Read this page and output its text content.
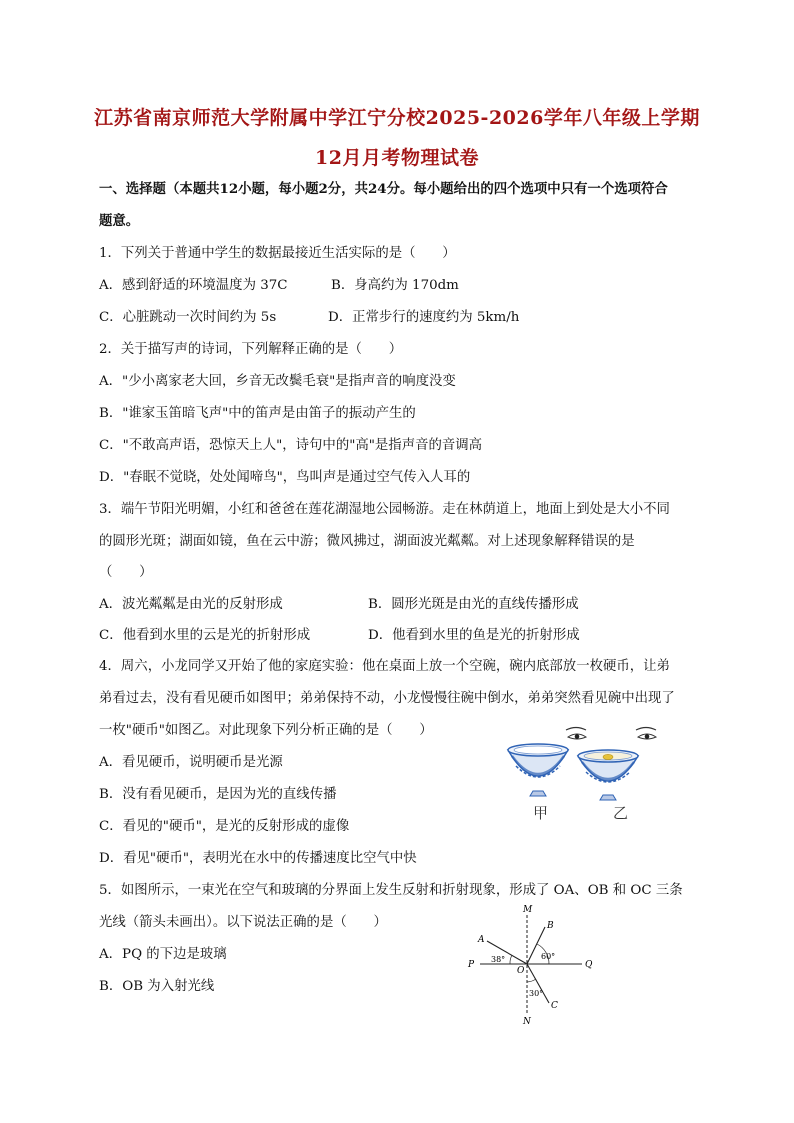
江苏省南京师范大学附属中学江宁分校2025-2026学年八年级上学期
12月月考物理试卷
一、选择题（本题共12小题，每小题2分，共24分。每小题给出的四个选项中只有一个选项符合
题意。
1．下列关于普通中学生的数据最接近生活实际的是（　　）
A．感到舒适的环境温度为 37C	B．身高约为 170dm
C．心脏跳动一次时间约为 5s	D．正常步行的速度约为 5km/h
2．关于描写声的诗词，下列解释正确的是（　　）
A．"少小离家老大回，乡音无改鬓毛衰"是指声音的响度没变
B．"谁家玉笛暗飞声"中的笛声是由笛子的振动产生的
C．"不敢高声语，恐惊天上人"，诗句中的"高"是指声音的音调高
D．"春眠不觉晓，处处闻啼鸟"，鸟叫声是通过空气传入人耳的
3．端午节阳光明媚，小红和爸爸在莲花湖湿地公园畅游。走在林荫道上，地面上到处是大小不同
的圆形光斑；湖面如镜，鱼在云中游；微风拂过，湖面波光粼粼。对上述现象解释错误的是
（　　）
A．波光粼粼是由光的反射形成	B．圆形光斑是由光的直线传播形成
C．他看到水里的云是光的折射形成	D．他看到水里的鱼是光的折射形成
4．周六，小龙同学又开始了他的家庭实验：他在桌面上放一个空碗，碗内底部放一枚硬币，让弟
弟看过去，没有看见硬币如图甲；弟弟保持不动，小龙慢慢往碗中倒水，弟弟突然看见碗中出现了
一枚"硬币"如图乙。对此现象下列分析正确的是（　　）
A．看见硬币，说明硬币是光源
B．没有看见硬币，是因为光的直线传播
C．看见的"硬币"，是光的反射形成的虚像
D．看见"硬币"，表明光在水中的传播速度比空气中快
甲	乙
5．如图所示，一束光在空气和玻璃的分界面上发生反射和折射现象，形成了 OA、OB 和 OC 三条
光线（箭头未画出）。以下说法正确的是（　　）
A．PQ 的下边是玻璃
B．OB 为入射光线
M
N
P	Q
O
A
B
C
38°	60°
30°
